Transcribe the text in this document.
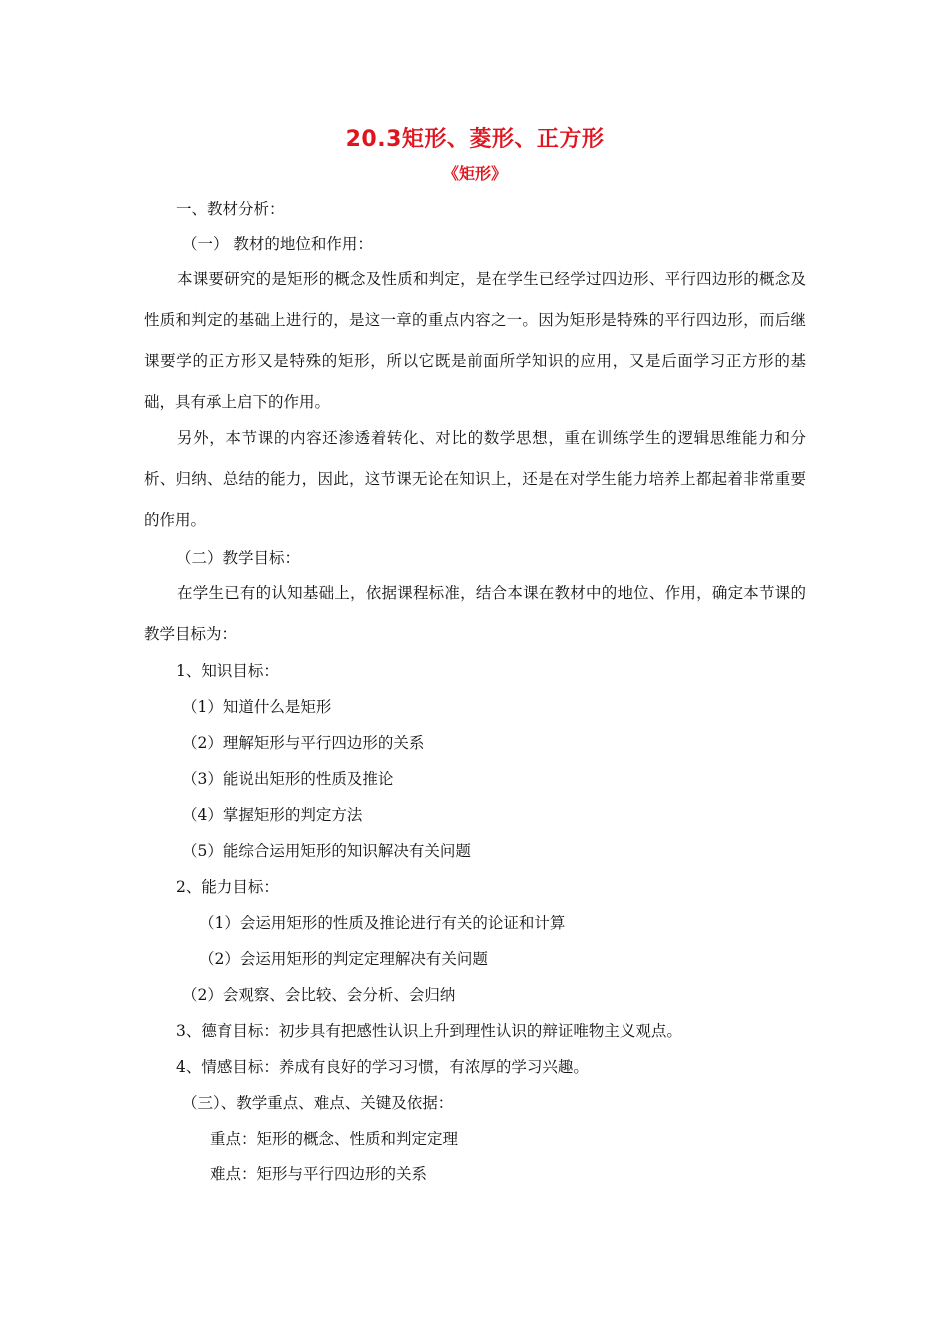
20.3矩形、菱形、正方形
《矩形》
一、教材分析：
（一） 教材的地位和作用：
本课要研究的是矩形的概念及性质和判定，是在学生已经学过四边形、平行四边形的概念及性质和判定的基础上进行的，是这一章的重点内容之一。因为矩形是特殊的平行四边形，而后继课要学的正方形又是特殊的矩形，所以它既是前面所学知识的应用，又是后面学习正方形的基础，具有承上启下的作用。
另外，本节课的内容还渗透着转化、对比的数学思想，重在训练学生的逻辑思维能力和分析、归纳、总结的能力，因此，这节课无论在知识上，还是在对学生能力培养上都起着非常重要的作用。
（二）教学目标：
在学生已有的认知基础上，依据课程标准，结合本课在教材中的地位、作用，确定本节课的教学目标为：
1、知识目标：
（1）知道什么是矩形
（2）理解矩形与平行四边形的关系
（3）能说出矩形的性质及推论
（4）掌握矩形的判定方法
（5）能综合运用矩形的知识解决有关问题
2、能力目标：
（1）会运用矩形的性质及推论进行有关的论证和计算
（2）会运用矩形的判定定理解决有关问题
（2）会观察、会比较、会分析、会归纳
3、德育目标：初步具有把感性认识上升到理性认识的辩证唯物主义观点。
4、情感目标：养成有良好的学习习惯，有浓厚的学习兴趣。
（三）、教学重点、难点、关键及依据：
重点：矩形的概念、性质和判定定理
难点：矩形与平行四边形的关系
